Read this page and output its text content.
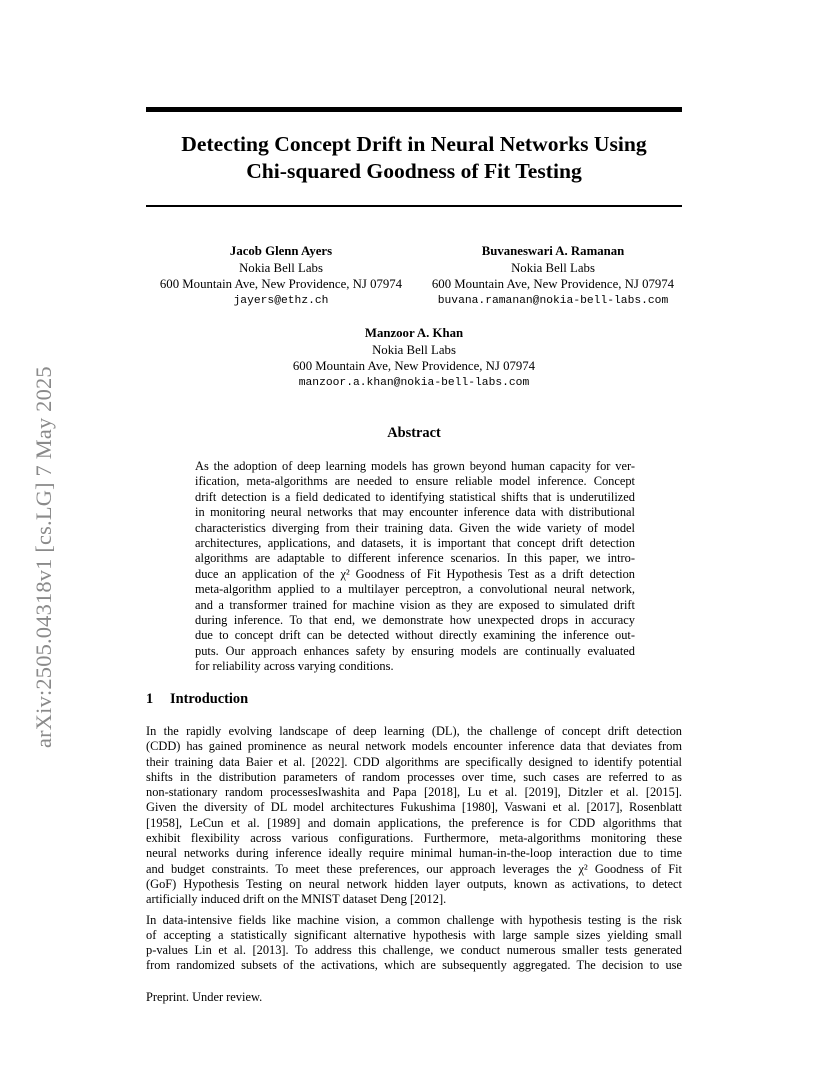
arXiv:2505.04318v1 [cs.LG] 7 May 2025
Detecting Concept Drift in Neural Networks Using
Chi-squared Goodness of Fit Testing
Jacob Glenn Ayers
Nokia Bell Labs
600 Mountain Ave, New Providence, NJ 07974
jayers@ethz.ch
Buvaneswari A. Ramanan
Nokia Bell Labs
600 Mountain Ave, New Providence, NJ 07974
buvana.ramanan@nokia-bell-labs.com
Manzoor A. Khan
Nokia Bell Labs
600 Mountain Ave, New Providence, NJ 07974
manzoor.a.khan@nokia-bell-labs.com
Abstract
As the adoption of deep learning models has grown beyond human capacity for ver-
ification, meta-algorithms are needed to ensure reliable model inference. Concept
drift detection is a field dedicated to identifying statistical shifts that is underutilized
in monitoring neural networks that may encounter inference data with distributional
characteristics diverging from their training data. Given the wide variety of model
architectures, applications, and datasets, it is important that concept drift detection
algorithms are adaptable to different inference scenarios. In this paper, we intro-
duce an application of the χ² Goodness of Fit Hypothesis Test as a drift detection
meta-algorithm applied to a multilayer perceptron, a convolutional neural network,
and a transformer trained for machine vision as they are exposed to simulated drift
during inference. To that end, we demonstrate how unexpected drops in accuracy
due to concept drift can be detected without directly examining the inference out-
puts. Our approach enhances safety by ensuring models are continually evaluated
for reliability across varying conditions.
1 Introduction

In the rapidly evolving landscape of deep learning (DL), the challenge of concept drift detection
(CDD) has gained prominence as neural network models encounter inference data that deviates from
their training data Baier et al. [2022]. CDD algorithms are specifically designed to identify potential
shifts in the distribution parameters of random processes over time, such cases are referred to as
non-stationary random processesIwashita and Papa [2018], Lu et al. [2019], Ditzler et al. [2015].
Given the diversity of DL model architectures Fukushima [1980], Vaswani et al. [2017], Rosenblatt
[1958], LeCun et al. [1989] and domain applications, the preference is for CDD algorithms that
exhibit flexibility across various configurations. Furthermore, meta-algorithms monitoring these
neural networks during inference ideally require minimal human-in-the-loop interaction due to time
and budget constraints. To meet these preferences, our approach leverages the χ² Goodness of Fit
(GoF) Hypothesis Testing on neural network hidden layer outputs, known as activations, to detect
artificially induced drift on the MNIST dataset Deng [2012].

In data-intensive fields like machine vision, a common challenge with hypothesis testing is the risk
of accepting a statistically significant alternative hypothesis with large sample sizes yielding small
p-values Lin et al. [2013]. To address this challenge, we conduct numerous smaller tests generated
from randomized subsets of the activations, which are subsequently aggregated. The decision to use

Preprint. Under review.
